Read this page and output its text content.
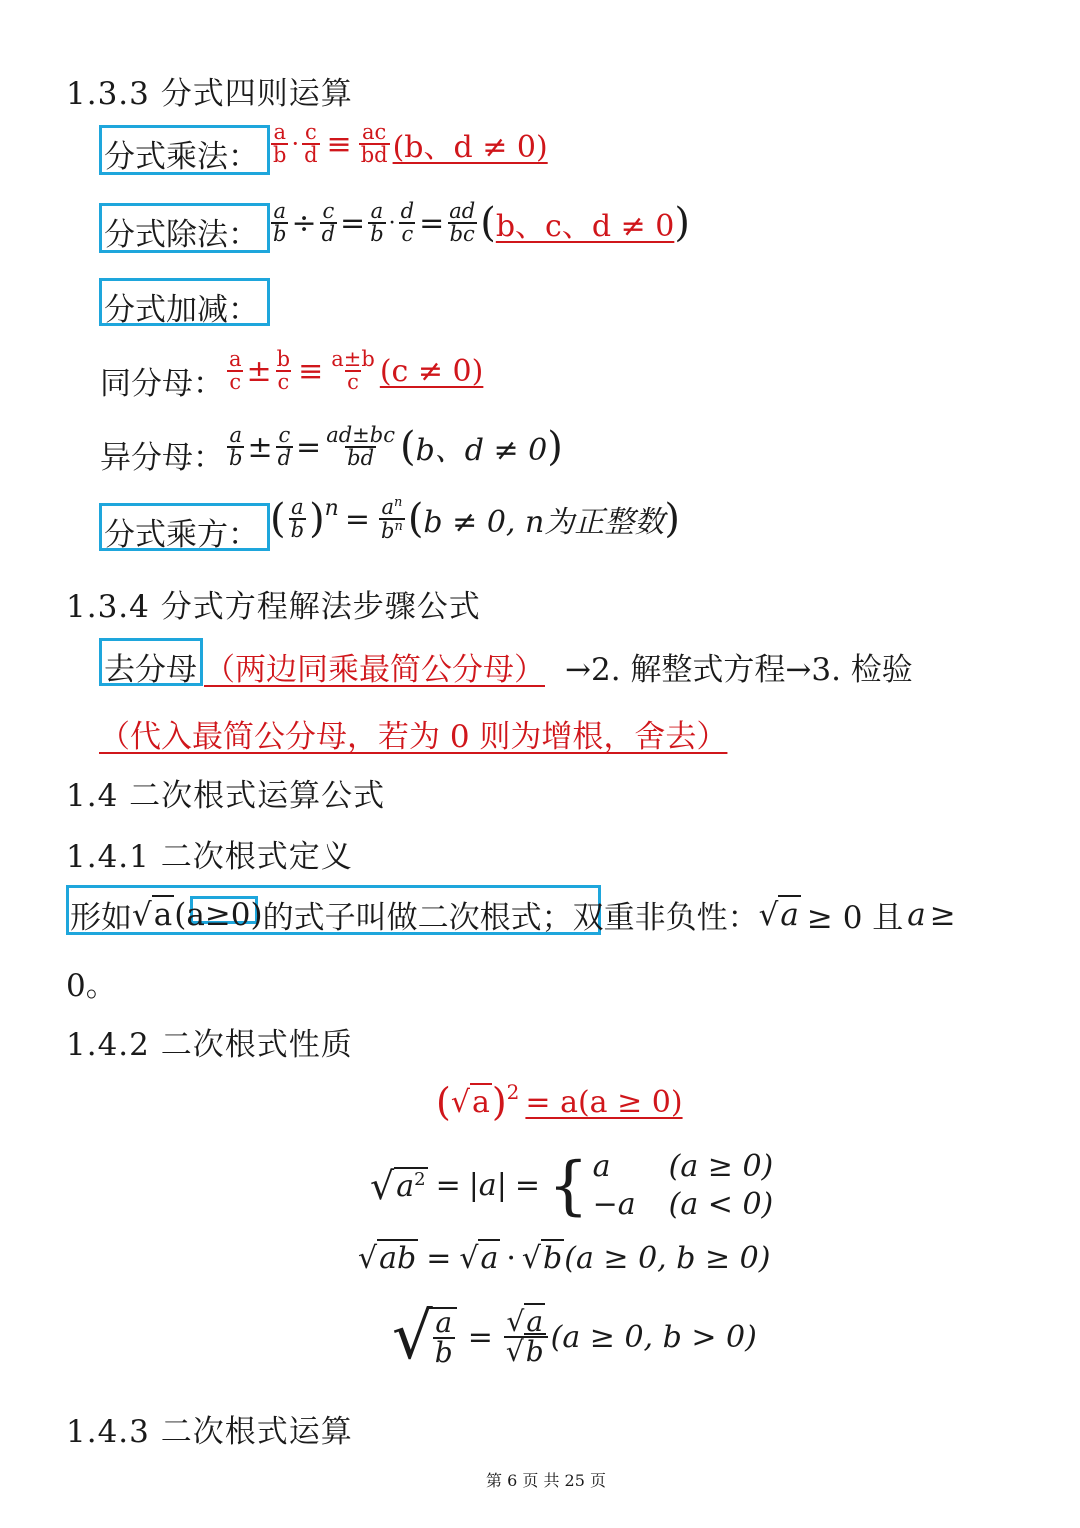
1.3.3 分式四则运算
分式乘法： $\frac{a}{b} \cdot \frac{c}{d} \equiv \frac{ac}{bd} (b$、d ≠ 0)
分式除法： $\frac{a}{b} \div \frac{c}{d} = \frac{a}{b} \cdot \frac{d}{c} = \frac{ad}{bc}$ ( b、c、d ≠ 0 )
分式加减：
同分母： $\frac{a}{c} \pm \frac{b}{c} \equiv \frac{a\pm b}{c} (c \ne 0)$
异分母： $\frac{a}{b} \pm \frac{c}{d} = \frac{ad\pm bc}{bd}$ ( b、d ≠ 0 )
分式乘方： ( $\frac{a}{b}$ ) $n = \frac{a^n}{b^n}$ ( b ≠ 0, n为正整数 )
1.3.4 分式方程解法步骤公式
去分母 （两边同乘最简公分母） →2. 解整式方程→3. 检验
（代入最简公分母，若为 0 则为增根，舍去）
1.4 二次根式运算公式
1.4.1 二次根式定义
形如 √a (a≥0) 的式子叫做二次根式； 双重非负性： √a ≥ 0 且 a ≥
0。
1.4.2 二次根式性质
( √a ) 2 = a(a ≥ 0)
√ $a^2 = |a|$ = { a (a ≥ 0)
−a (a < 0)
√ab = √a · √b (a ≥ 0, b ≥ 0)
√
$\frac{a}{b} = \frac{√a}{√b} (a \ge 0$, b > 0)
1.4.3 二次根式运算
第 6 页 共 25 页
